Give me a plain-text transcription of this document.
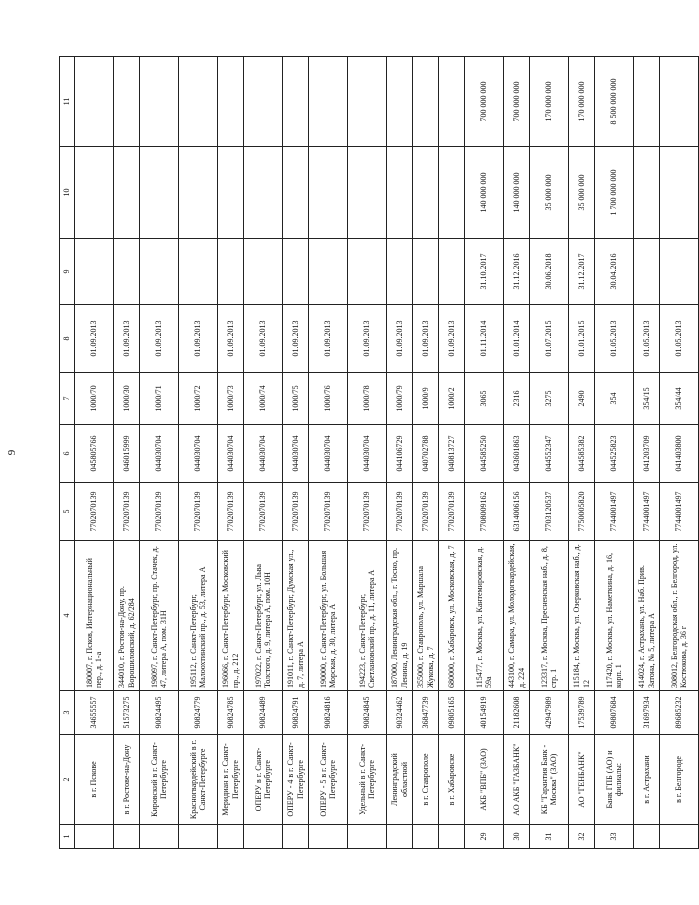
9
1	2	3	4	5	6	7	8	9	10	11
	в г. Пскове	34655557	180007, г. Псков, Интернациональный пер., д. 1-а	7702070139	045805766	1000/70	01.09.2013			
	в г. Ростове-на-Дону	51573275	344010, г. Ростов-на-Дону, пр. Ворошиловский, д. 62/284	7702070139	046015999	1000/30	01.09.2013			
	Кировский в г. Санкт-Петербурге	90824495	198097, г. Санкт-Петербург, пр. Стачек, д. 47, литера А, пом. 31Н	7702070139	044030704	1000/71	01.09.2013			
	Красногвардейский в г. Санкт-Петербурге	90824779	195112, г. Санкт-Петербург, Малоохтинский пр., д. 53, литера А	7702070139	044030704	1000/72	01.09.2013			
	Меридиан в г. Санкт-Петербурге	90824785	196066, г. Санкт-Петербург, Московский пр., д. 212	7702070139	044030704	1000/73	01.09.2013			
	ОПЕРУ в г. Санкт-Петербурге	90824489	197022, г. Санкт-Петербург, ул. Льва Толстого, д. 9, литера А, пом. 10Н	7702070139	044030704	1000/74	01.09.2013			
	ОПЕРУ - 4 в г. Санкт-Петербурге	90824791	191011, г. Санкт-Петербург, Думская ул., д. 7, литера А	7702070139	044030704	1000/75	01.09.2013			
	ОПЕРУ - 5 в г. Санкт-Петербурге	90824816	190000, г. Санкт-Петербург, ул. Большая Морская, д. 30, литера А	7702070139	044030704	1000/76	01.09.2013			
	Удельный в г. Санкт-Петербурге	90824845	194223, г. Санкт-Петербург, Светлановский пр., д. 11, литера А	7702070139	044030704	1000/78	01.09.2013			
	Ленинградский областной	90324462	187000, Ленинградская обл., г. Тосно, пр. Ленина, д. 19	7702070139	044106729	1000/79	01.09.2013			
	в г. Ставрополе	36847739	355000, г. Ставрополь, ул. Маршала Жукова, д. 7	7702070139	040702788	1000/9	01.09.2013			
	в г. Хабаровске	09805165	680000, г. Хабаровск, ул. Московская, д. 7	7702070139	040813727	1000/2	01.09.2013			
29	АКБ "ВПБ" (ЗАО)	40154919	115477, г. Москва, ул. Кантемировская, д. 59а	7708009162	044585250	3065	01.11.2014	31.10.2017	140 000 000	700 000 000
30	АО АКБ "ГАЗБАНК"	21182608	443100, г. Самара, ул. Молодогвардейская, д. 224	6314006156	043601863	2316	01.01.2014	31.12.2016	140 000 000	700 000 000
31	КБ "Гарантия Банк - Москва" (ЗАО)	42947989	123317, г. Москва, Пресненская наб., д. 8, стр. 1	7703120537	044552347	3275	01.07.2015	30.06.2018	35 000 000	170 000 000
32	АО "ГЕНБАНК"	17539789	115184, г. Москва, ул. Озерковская наб., д. 12	7750005820	044585382	2490	01.01.2015	31.12.2017	35 000 000	170 000 000
33	Банк ГПБ (АО) и филиалы:	09807684	117420, г. Москва, ул. Наметкина, д. 16, корп. 1	7744001497	044525823	354	01.05.2013	30.04.2016	1 700 000 000	8 500 000 000
	в г. Астрахани	31697934	414024, г. Астрахань, ул. Наб. Прив. Затона, № 5, литера А	7744001497	041203709	354/15	01.05.2013			
	в г. Белгороде	89685232	308012, Белгородская обл., г. Белгород, ул. Костюкова, д. 36 г	7744001497	041403800	354/44	01.05.2013			
